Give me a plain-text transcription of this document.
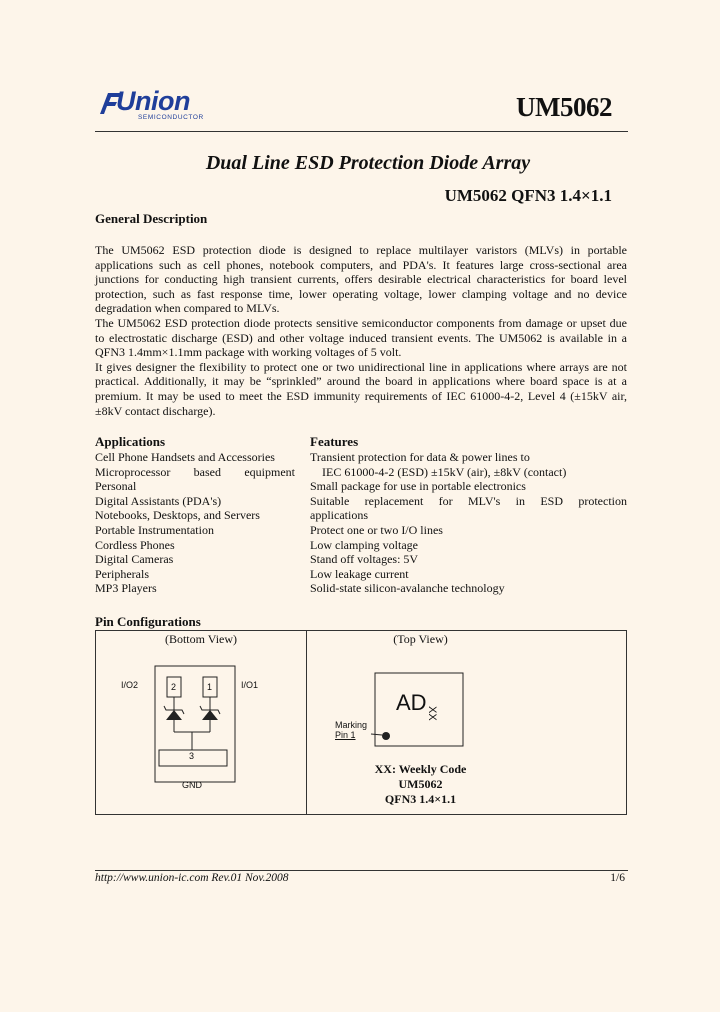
Union
SEMICONDUCTOR	UM5062
Dual Line ESD Protection Diode Array
UM5062 QFN3 1.4×1.1
General Description
The UM5062 ESD protection diode is designed to replace multilayer varistors (MLVs) in portable applications such as cell phones, notebook computers, and PDA's. It features large cross-sectional area junctions for conducting high transient currents, offers desirable electrical characteristics for board level protection, such as fast response time, lower operating voltage, lower clamping voltage and no device degradation when compared to MLVs.
The UM5062 ESD protection diode protects sensitive semiconductor components from damage or upset due to electrostatic discharge (ESD) and other voltage induced transient events. The UM5062 is available in a QFN3 1.4mm×1.1mm package with working voltages of 5 volt.
It gives designer the flexibility to protect one or two unidirectional line in applications where arrays are not practical. Additionally, it may be “sprinkled” around the board in applications where board space is at a premium. It may be used to meet the ESD immunity requirements of IEC 61000-4-2, Level 4 (±15kV air, ±8kV contact discharge).
Applications
Cell Phone Handsets and Accessories
Microprocessor based equipment
Personal
Digital Assistants (PDA's)
Notebooks, Desktops, and Servers
Portable Instrumentation
Cordless Phones
Digital Cameras
Peripherals
MP3 Players
Features
Transient protection for data & power lines to
IEC 61000-4-2 (ESD) ±15kV (air), ±8kV (contact)
Small package for use in portable electronics
Suitable replacement for MLV's in ESD protection
applications
Protect one or two I/O lines
Low clamping voltage
Stand off voltages: 5V
Low leakage current
Solid-state silicon-avalanche technology
Pin Configurations
(Bottom View)
2	1
I/O2	I/O1
3
GND
(Top View)
AD XX
Marking
Pin 1
XX: Weekly Code
UM5062
QFN3 1.4×1.1
http://www.union-ic.com Rev.01 Nov.2008	1/6
